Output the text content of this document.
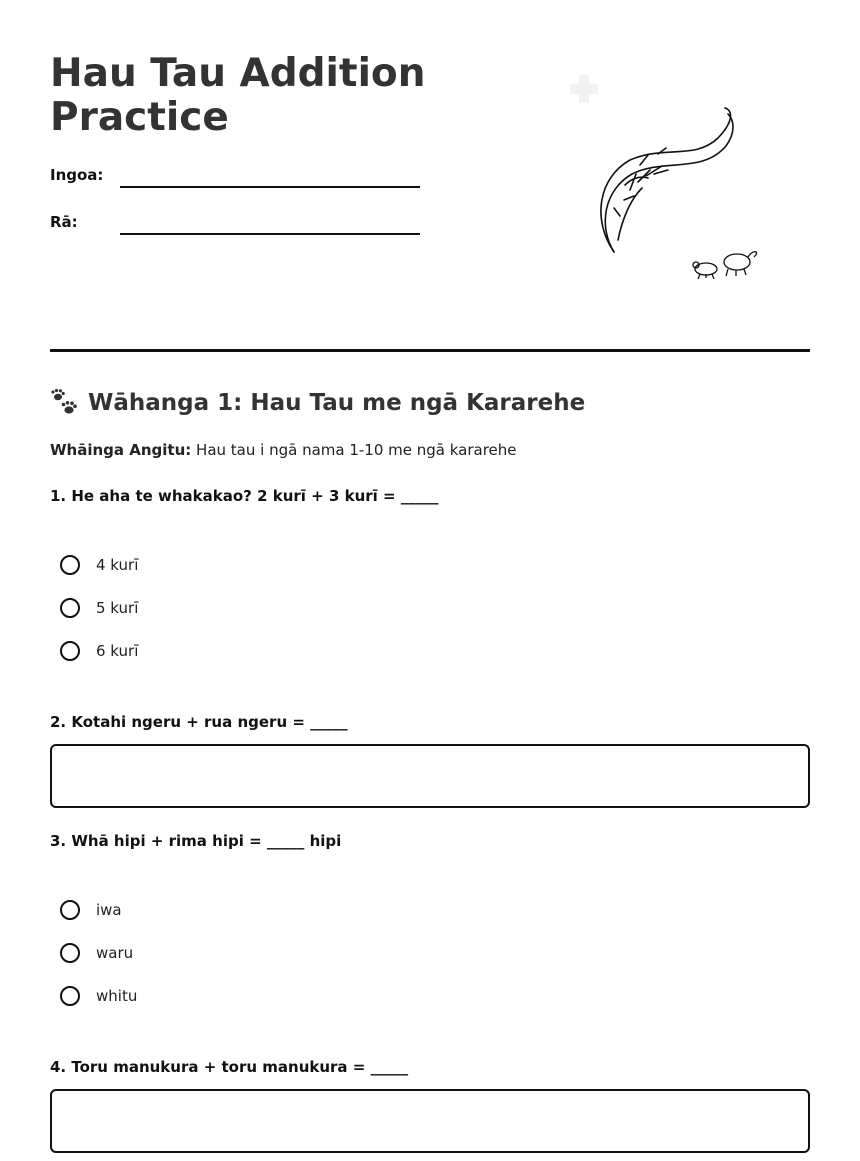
Hau Tau Addition Practice
Ingoa:
Rā:
Wāhanga 1: Hau Tau me ngā Kararehe
Whāinga Angitu: Hau tau i ngā nama 1-10 me ngā kararehe
1. He aha te whakakao? 2 kurī + 3 kurī = _____
4 kurī
5 kurī
6 kurī
2. Kotahi ngeru + rua ngeru = _____
3. Whā hipi + rima hipi = _____ hipi
iwa
waru
whitu
4. Toru manukura + toru manukura = _____
